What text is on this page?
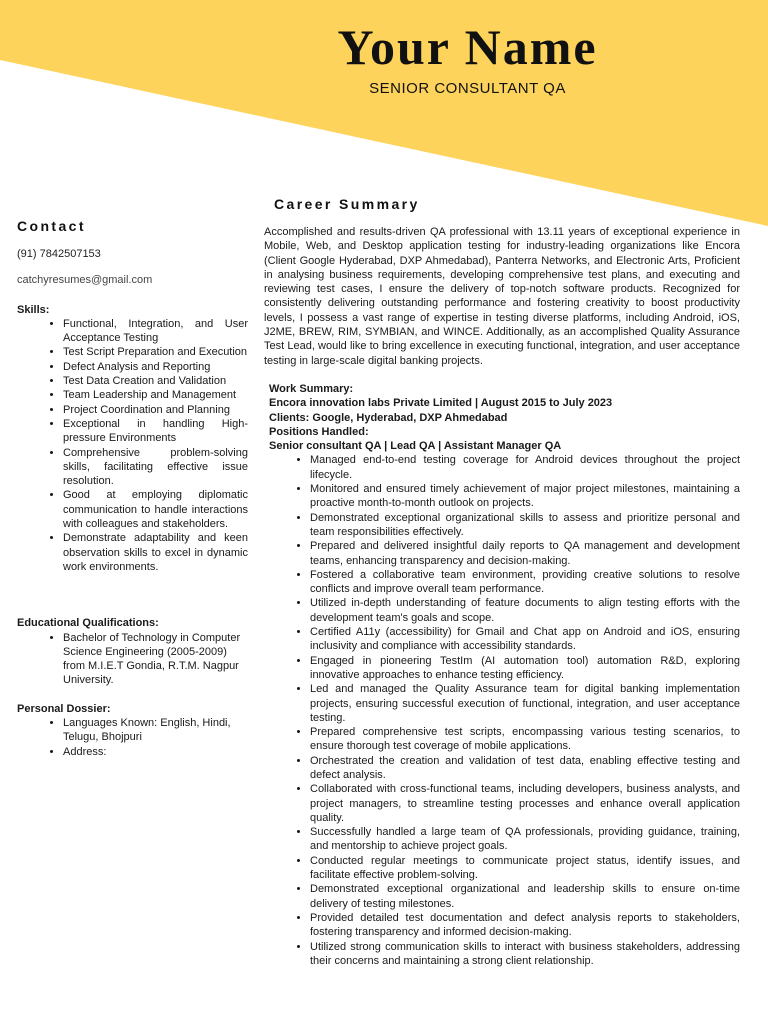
Your Name
SENIOR CONSULTANT QA
Contact

(91) 7842507153

catchyresumes@gmail.com

Skills:

• Functional, Integration, and User Acceptance Testing
• Test Script Preparation and Execution
• Defect Analysis and Reporting
• Test Data Creation and Validation
• Team Leadership and Management
• Project Coordination and Planning
• Exceptional in handling High-pressure Environments
• Comprehensive problem-solving skills, facilitating effective issue resolution.
• Good at employing diplomatic communication to handle interactions with colleagues and stakeholders.
• Demonstrate adaptability and keen observation skills to excel in dynamic work environments.

Educational Qualifications:

• Bachelor of Technology in Computer Science Engineering (2005-2009) from M.I.E.T Gondia, R.T.M. Nagpur University.

Personal Dossier:

• Languages Known: English, Hindi, Telugu, Bhojpuri
• Address:
Career Summary

Accomplished and results-driven QA professional with 13.11 years of exceptional experience in Mobile, Web, and Desktop application testing for industry-leading organizations like Encora (Client Google Hyderabad, DXP Ahmedabad), Panterra Networks, and Electronic Arts, Proficient in analysing business requirements, developing comprehensive test plans, and executing and reviewing test cases, I ensure the delivery of top-notch software products. Recognized for consistently delivering outstanding performance and fostering creativity to boost productivity levels, I possess a vast range of expertise in testing diverse platforms, including Android, iOS, J2ME, BREW, RIM, SYMBIAN, and WINCE. Additionally, as an accomplished Quality Assurance Test Lead, would like to bring excellence in executing functional, integration, and user acceptance testing in large-scale digital banking projects.

Work Summary:

Encora innovation labs Private Limited | August 2015 to July 2023

Clients: Google, Hyderabad, DXP Ahmedabad

Positions Handled:

Senior consultant QA | Lead QA | Assistant Manager QA

• Managed end-to-end testing coverage for Android devices throughout the project lifecycle.
• Monitored and ensured timely achievement of major project milestones, maintaining a proactive month-to-month outlook on projects.
• Demonstrated exceptional organizational skills to assess and prioritize personal and team responsibilities effectively.
• Prepared and delivered insightful daily reports to QA management and development teams, enhancing transparency and decision-making.
• Fostered a collaborative team environment, providing creative solutions to resolve conflicts and improve overall team performance.
• Utilized in-depth understanding of feature documents to align testing efforts with the development team's goals and scope.
• Certified A11y (accessibility) for Gmail and Chat app on Android and iOS, ensuring inclusivity and compliance with accessibility standards.
• Engaged in pioneering TestIm (AI automation tool) automation R&D, exploring innovative approaches to enhance testing efficiency.
• Led and managed the Quality Assurance team for digital banking implementation projects, ensuring successful execution of functional, integration, and user acceptance testing.
• Prepared comprehensive test scripts, encompassing various testing scenarios, to ensure thorough test coverage of mobile applications.
• Orchestrated the creation and validation of test data, enabling effective testing and defect analysis.
• Collaborated with cross-functional teams, including developers, business analysts, and project managers, to streamline testing processes and enhance overall application quality.
• Successfully handled a large team of QA professionals, providing guidance, training, and mentorship to achieve project goals.
• Conducted regular meetings to communicate project status, identify issues, and facilitate effective problem-solving.
• Demonstrated exceptional organizational and leadership skills to ensure on-time delivery of testing milestones.
• Provided detailed test documentation and defect analysis reports to stakeholders, fostering transparency and informed decision-making.
• Utilized strong communication skills to interact with business stakeholders, addressing their concerns and maintaining a strong client relationship.
